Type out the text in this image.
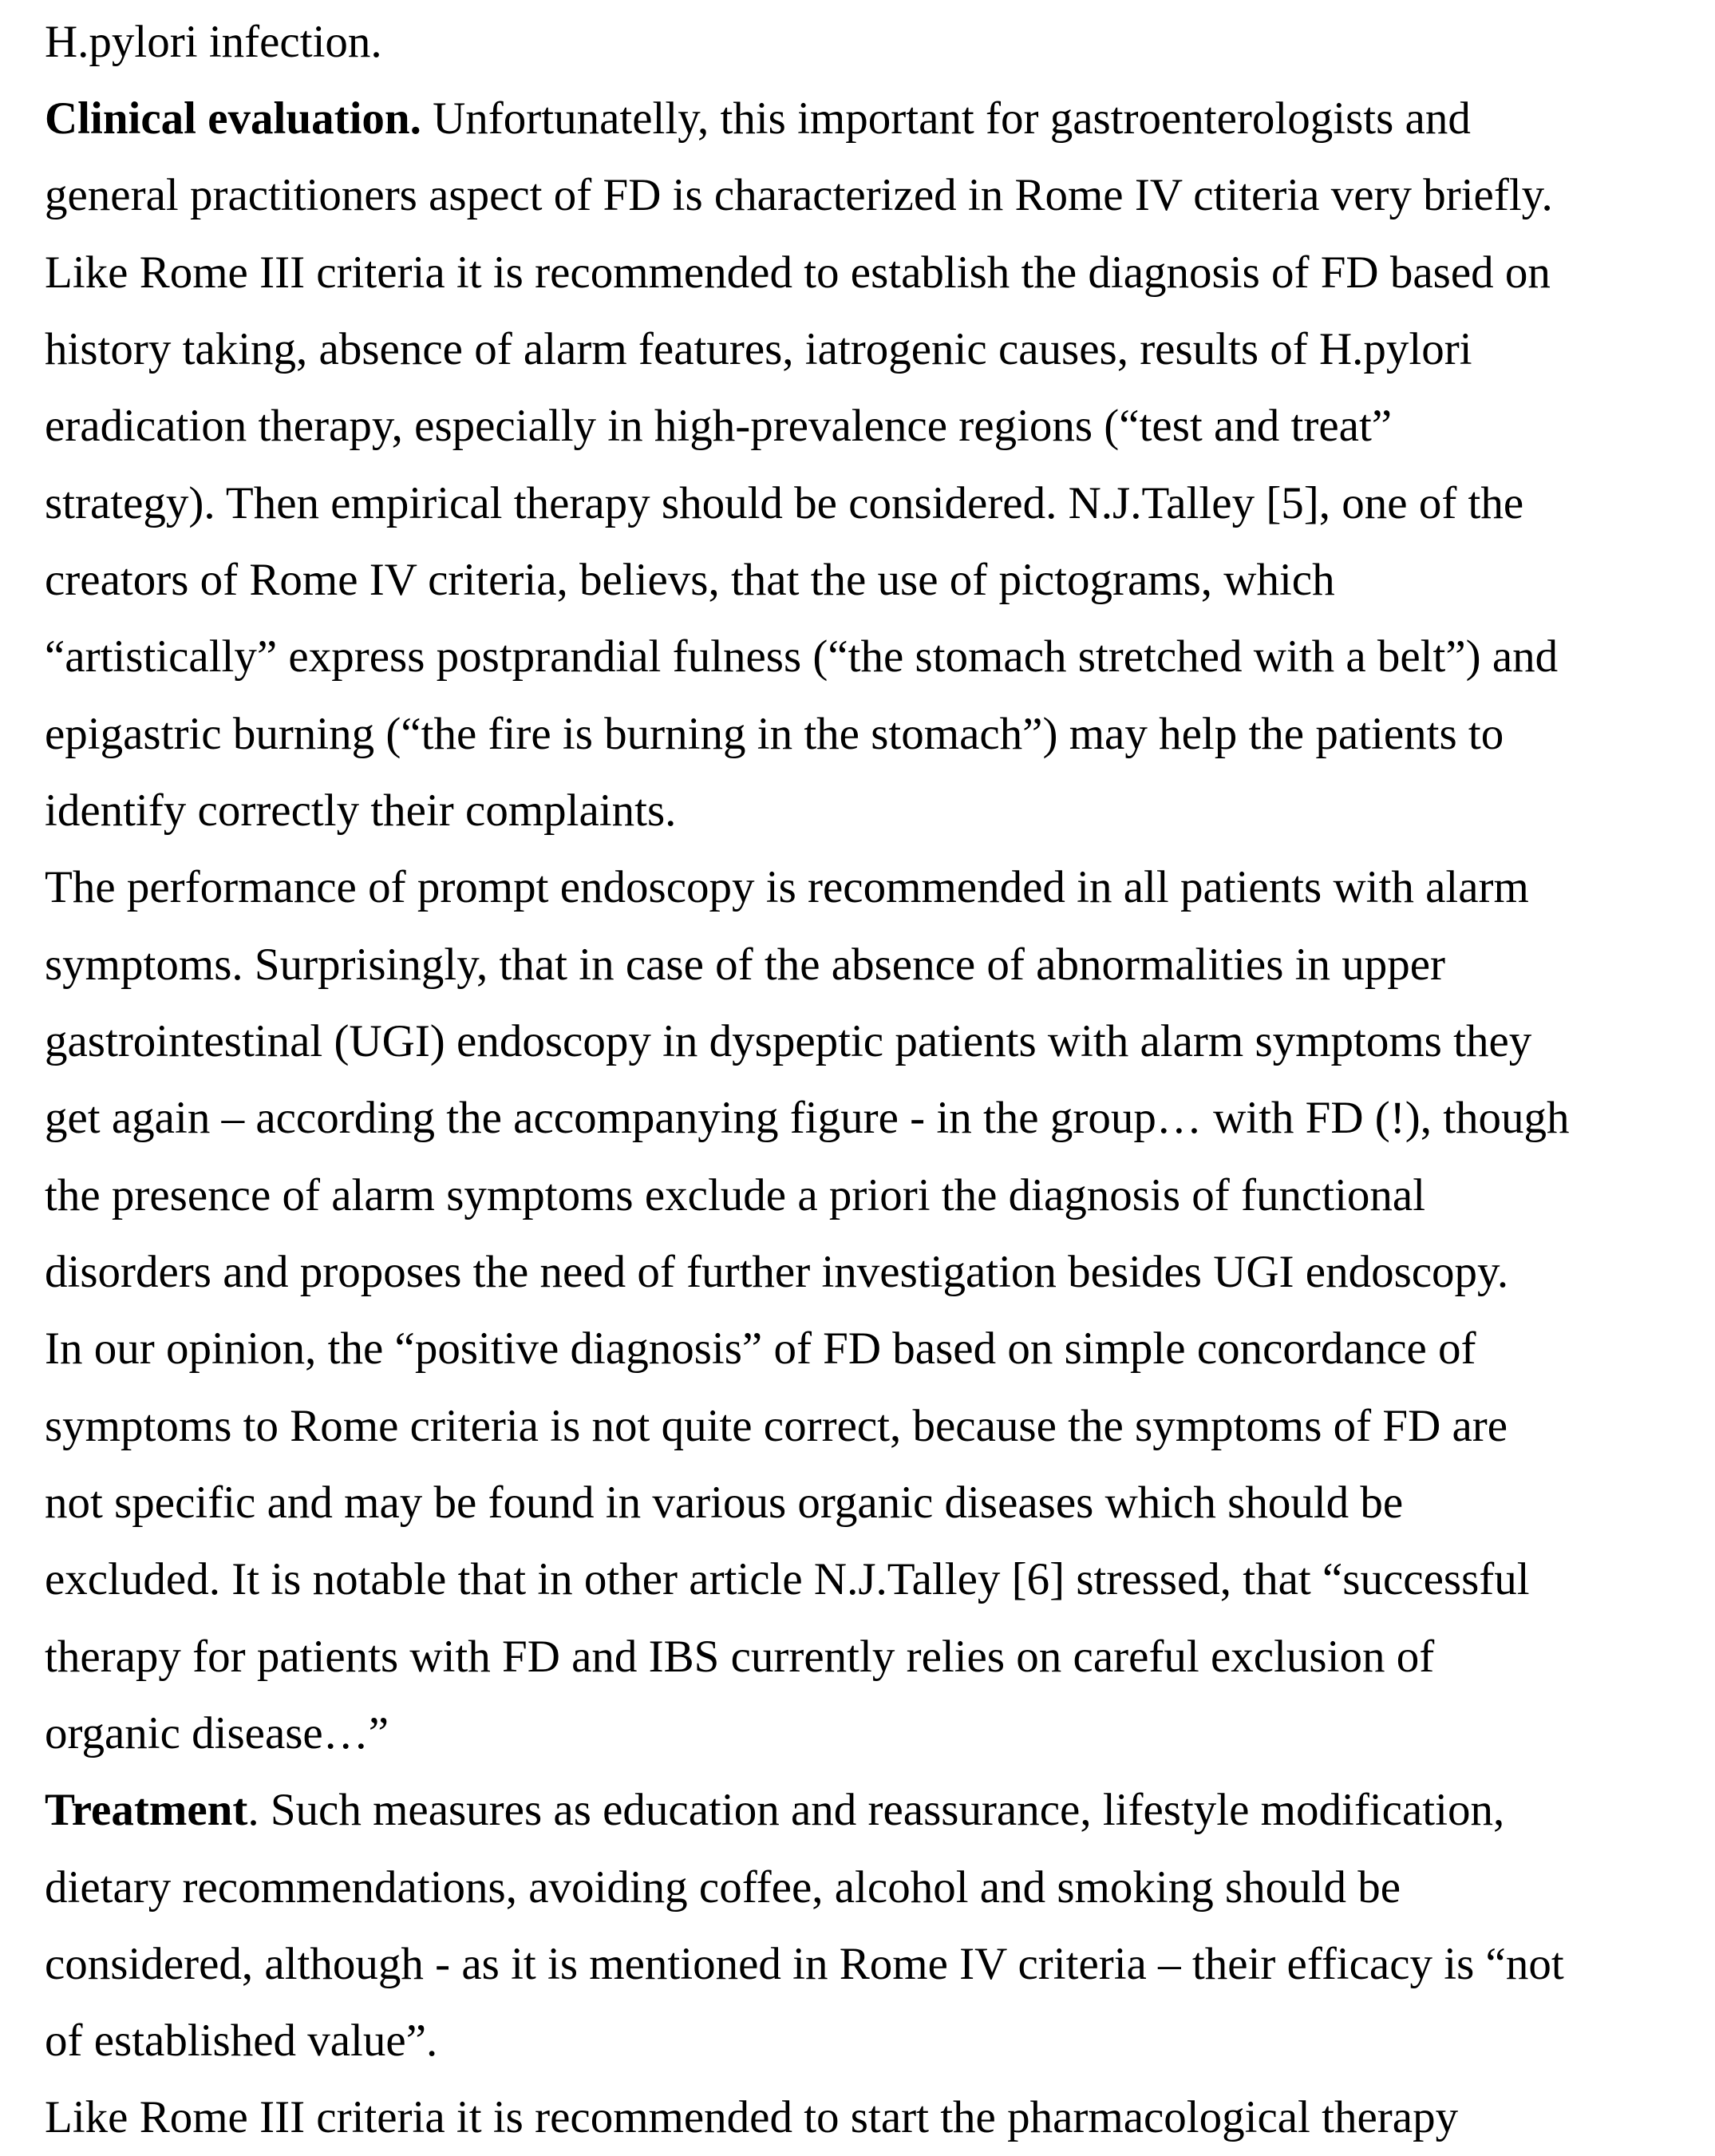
H.pylori infection.
Clinical evaluation. Unfortunatelly, this important for gastroenterologists and
general practitioners aspect of FD is characterized in Rome IV ctiteria very briefly.
Like Rome III criteria it is recommended to establish the diagnosis of FD based on
history taking, absence of alarm features, iatrogenic causes, results of H.pylori
eradication therapy, especially in high-prevalence regions (“test and treat”
strategy). Then empirical therapy should be considered. N.J.Talley [5], one of the
creators of Rome IV criteria, believs, that the use of pictograms, which
“artistically” express postprandial fulness (“the stomach stretched with a belt”) and
epigastric burning (“the fire is burning in the stomach”) may help the patients to
identify correctly their complaints.
The performance of prompt endoscopy is recommended in all patients with alarm
symptoms. Surprisingly, that in case of the absence of abnormalities in upper
gastrointestinal (UGI) endoscopy in dyspeptic patients with alarm symptoms they
get again – according the accompanying figure - in the group… with FD (!), though
the presence of alarm symptoms exclude a priori the diagnosis of functional
disorders and proposes the need of further investigation besides UGI endoscopy.
In our opinion, the “positive diagnosis” of FD based on simple concordance of
symptoms to Rome criteria is not quite correct, because the symptoms of FD are
not specific and may be found in various organic diseases which should be
excluded. It is notable that in other article N.J.Talley [6] stressed, that “successful
therapy for patients with FD and IBS currently relies on careful exclusion of
organic disease…”
Treatment. Such measures as education and reassurance, lifestyle modification,
dietary recommendations, avoiding coffee, alcohol and smoking should be
considered, although - as it is mentioned in Rome IV criteria – their efficacy is “not
of established value”.
Like Rome III criteria it is recommended to start the pharmacological therapy
